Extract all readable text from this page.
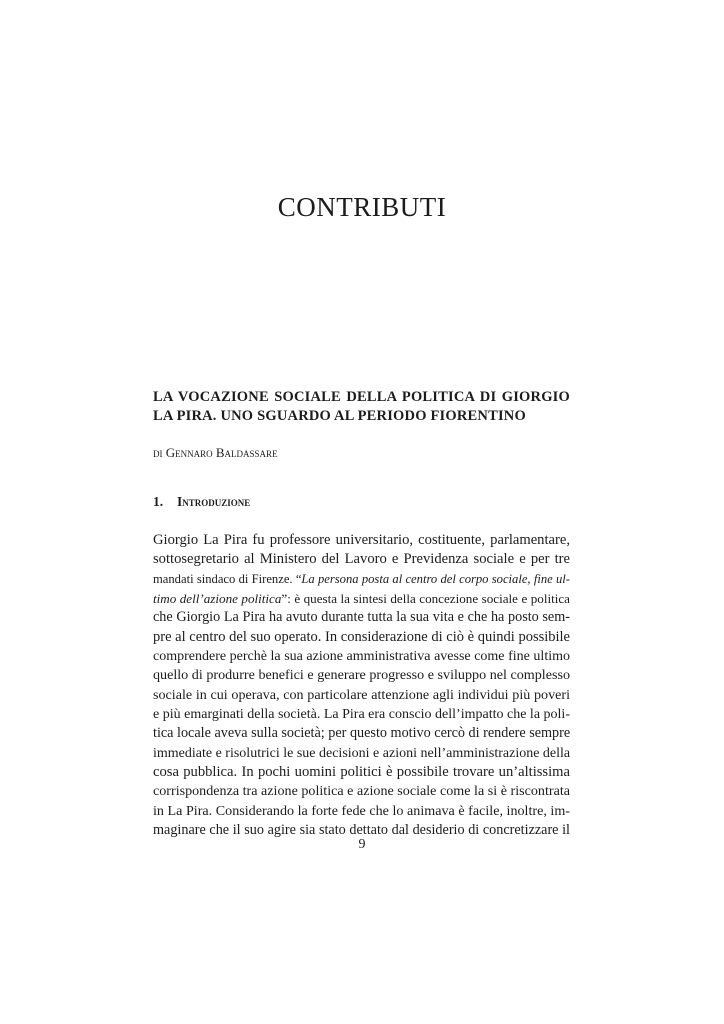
CONTRIBUTI
LA VOCAZIONE SOCIALE DELLA POLITICA DI GIORGIO LA PIRA. UNO SGUARDO AL PERIODO FIORENTINO

di Gennaro Baldassare

1. Introduzione
Giorgio La Pira fu professore universitario, costituente, parlamentare,
sottosegretario al Ministero del Lavoro e Previdenza sociale e per tre
mandati sindaco di Firenze. “La persona posta al centro del corpo sociale, fine ul-
timo dell’azione politica”: è questa la sintesi della concezione sociale e politica
che Giorgio La Pira ha avuto durante tutta la sua vita e che ha posto sem-
pre al centro del suo operato. In considerazione di ciò è quindi possibile
comprendere perchè la sua azione amministrativa avesse come fine ultimo
quello di produrre benefici e generare progresso e sviluppo nel complesso
sociale in cui operava, con particolare attenzione agli individui più poveri
e più emarginati della società. La Pira era conscio dell’impatto che la poli-
tica locale aveva sulla società; per questo motivo cercò di rendere sempre
immediate e risolutrici le sue decisioni e azioni nell’amministrazione della
cosa pubblica. In pochi uomini politici è possibile trovare un’altissima
corrispondenza tra azione politica e azione sociale come la si è riscontrata
in La Pira. Considerando la forte fede che lo animava è facile, inoltre, im-
maginare che il suo agire sia stato dettato dal desiderio di concretizzare il

9
